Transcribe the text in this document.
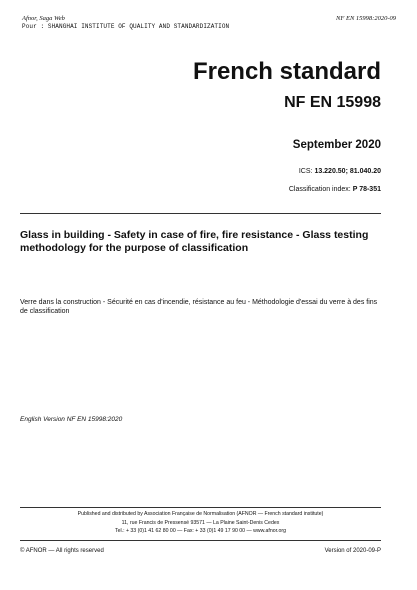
Afnor, Saga Web
Pour : SHANGHAI INSTITUTE OF QUALITY AND STANDARDIZATION
NF EN 15998:2020-09
French standard
NF EN 15998
September 2020
ICS: 13.220.50; 81.040.20
Classification index: P 78-351
Glass in building - Safety in case of fire, fire resistance - Glass testing methodology for the purpose of classification
Verre dans la construction - Sécurité en cas d'incendie, résistance au feu - Méthodologie d'essai du verre à des fins de classification
English Version NF EN 15998:2020
Published and distributed by Association Française de Normalisation (AFNOR — French standard institute)
11, rue Francis de Pressensé 93571 — La Plaine Saint-Denis Cedex
Tel.: + 33 (0)1 41 62 80 00 — Fax: + 33 (0)1 49 17 90 00 — www.afnor.org
© AFNOR — All rights reserved	Version of 2020-09-P
